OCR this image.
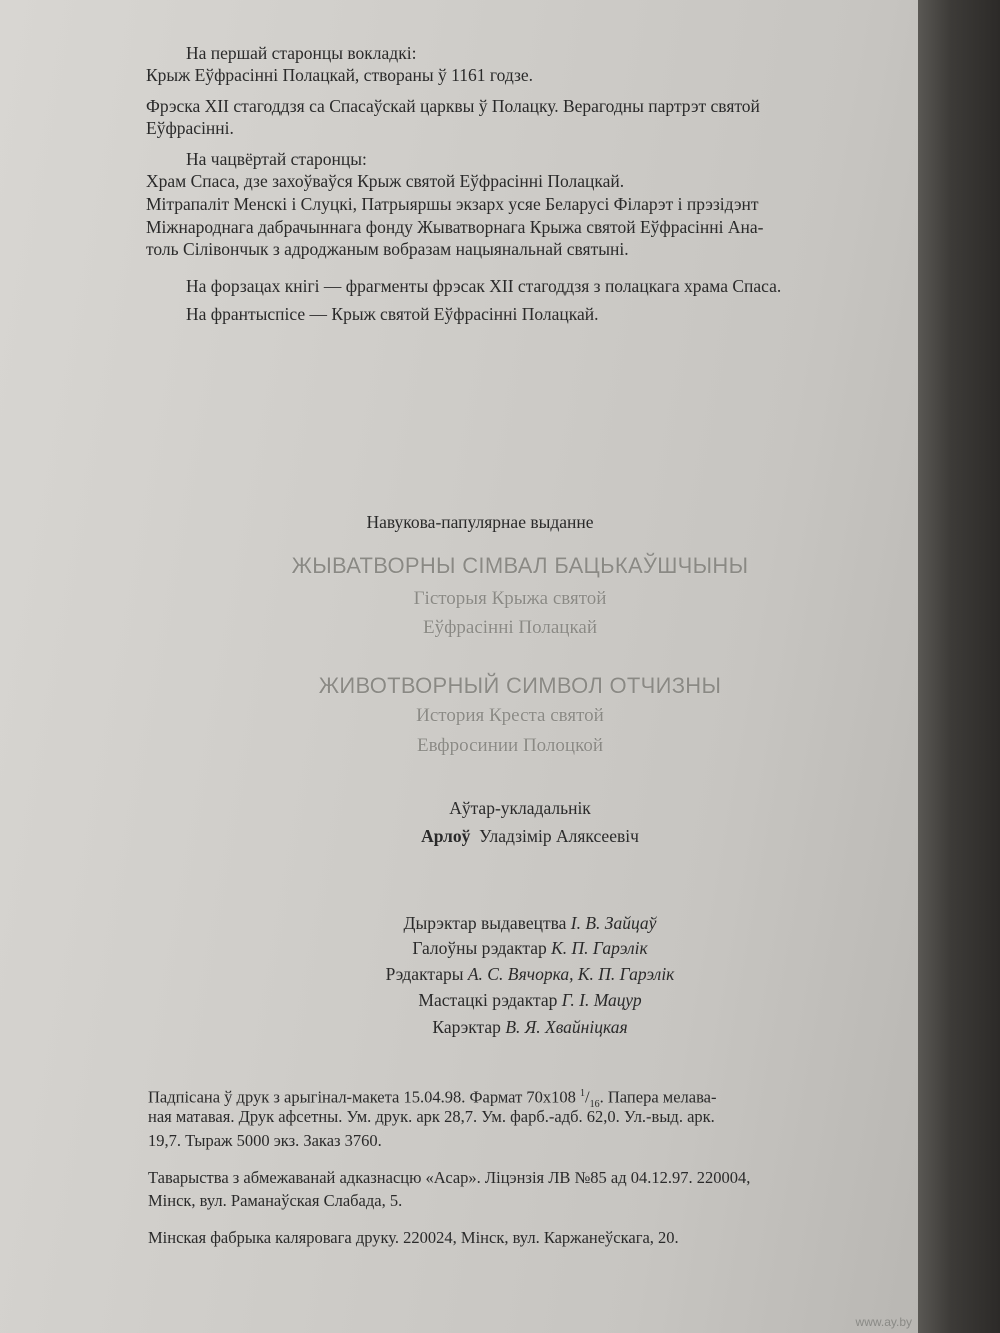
На першай старонцы вокладкі:
Крыж Еўфрасінні Полацкай, створаны ў 1161 годзе.
Фрэска XII стагоддзя са Спасаўскай царквы ў Полацку. Верагодны партрэт святой
Еўфрасінні.
На чацвёртай старонцы:
Храм Спаса, дзе захоўваўся Крыж святой Еўфрасінні Полацкай.
Мітрапаліт Менскі і Слуцкі, Патрыяршы экзарх усяе Беларусі Філарэт і прэзідэнт
Міжнароднага дабрачыннага фонду Жыватворнага Крыжа святой Еўфрасінні Ана-
толь Сілівончык з адроджаным вобразам нацыянальнай святыні.
На форзацах кнігі — фрагменты фрэсак XII стагоддзя з полацкага храма Спаса.
На франтыспісе — Крыж святой Еўфрасінні Полацкай.
Навукова-папулярнае выданне
ЖЫВАТВОРНЫ СІМВАЛ БАЦЬКАЎШЧЫНЫ
Гісторыя Крыжа святой
Еўфрасінні Полацкай
ЖИВОТВОРНЫЙ СИМВОЛ ОТЧИЗНЫ
История Креста святой
Евфросинии Полоцкой
Аўтар-укладальнік
Арлоў Уладзімір Аляксеевіч
Дырэктар выдавецтва І. В. Зайцаў
Галоўны рэдактар К. П. Гарэлік
Рэдактары А. С. Вячорка, К. П. Гарэлік
Мастацкі рэдактар Г. І. Мацур
Карэктар В. Я. Хвайніцкая
Падпісана ў друк з арыгінал-макета 15.04.98. Фармат 70х108 $^1/_{16}$. Папера мелава-
ная матавая. Друк афсетны. Ум. друк. арк 28,7. Ум. фарб.-адб. 62,0. Ул.-выд. арк.
19,7. Тыраж 5000 экз. Заказ 3760.
Таварыства з абмежаванай адказнасцю «Асар». Ліцэнзія ЛВ №85 ад 04.12.97. 220004,
Мінск, вул. Раманаўская Слабада, 5.
Мінская фабрыка каляровага друку. 220024, Мінск, вул. Каржанеўскага, 20.
www.ay.by
